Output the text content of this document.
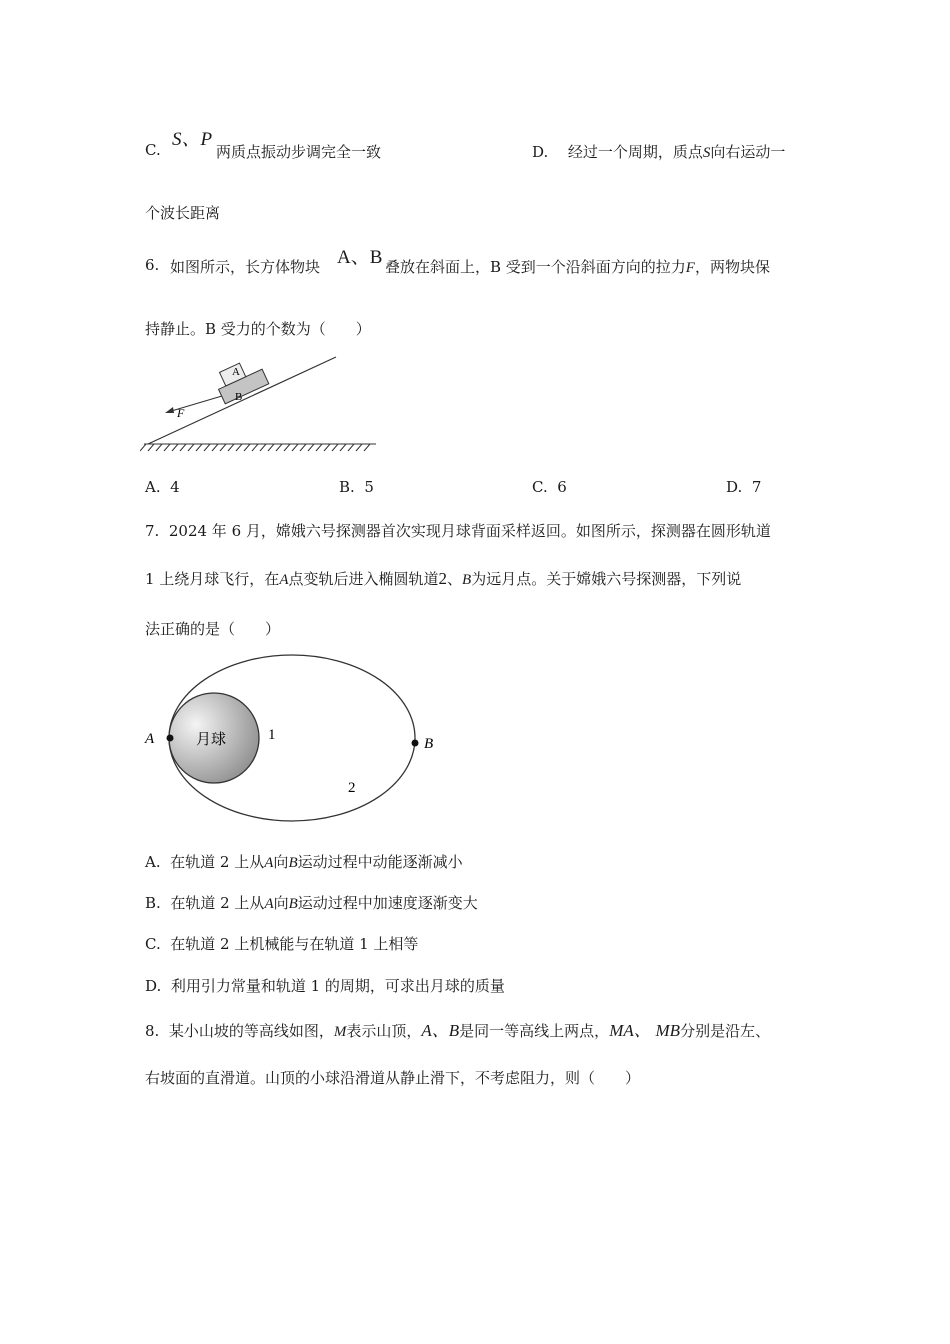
C. S、P
两质点振动步调完全一致	D. 经过一个周期，质点S向右运动一
个波长距离
6. 如图所示，长方体物块 A、B 叠放在斜面上，B 受到一个沿斜面方向的拉力F，两物块保
持静止。B 受力的个数为（　　）
A
B
F
A. 4	B. 5	C. 6	D. 7
7. 2024 年 6 月，嫦娥六号探测器首次实现月球背面采样返回。如图所示，探测器在圆形轨道
1 上绕月球飞行，在A点变轨后进入椭圆轨道2、B为远月点。关于嫦娥六号探测器，下列说
法正确的是（　　）
月球	1
2
A	B
A. 在轨道 2 上从A向B运动过程中动能逐渐减小
B. 在轨道 2 上从A向B运动过程中加速度逐渐变大
C. 在轨道 2 上机械能与在轨道 1 上相等
D. 利用引力常量和轨道 1 的周期，可求出月球的质量
8. 某小山坡的等高线如图，M表示山顶，A、B是同一等高线上两点，MA、 MB分别是沿左、
右坡面的直滑道。山顶的小球沿滑道从静止滑下，不考虑阻力，则（　　）
